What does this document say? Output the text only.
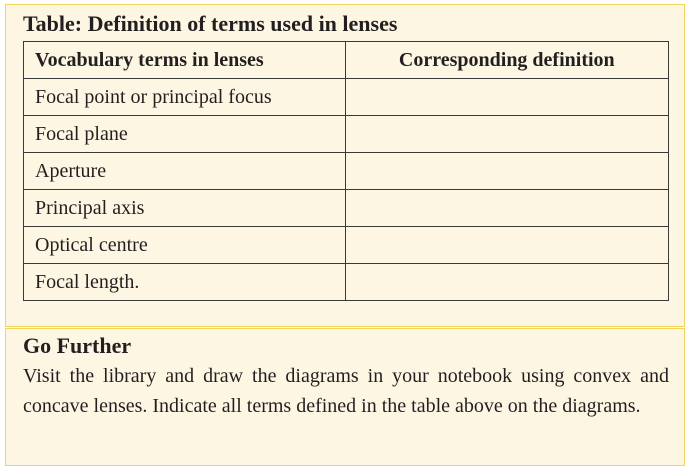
Table: Definition of terms used in lenses
Vocabulary terms in lenses	Corresponding definition
Focal point or principal focus	
Focal plane	
Aperture	
Principal axis	
Optical centre	
Focal length.	
Go Further
Visit the library and draw the diagrams in your notebook using convex and concave lenses. Indicate all terms defined in the table above on the diagrams.
